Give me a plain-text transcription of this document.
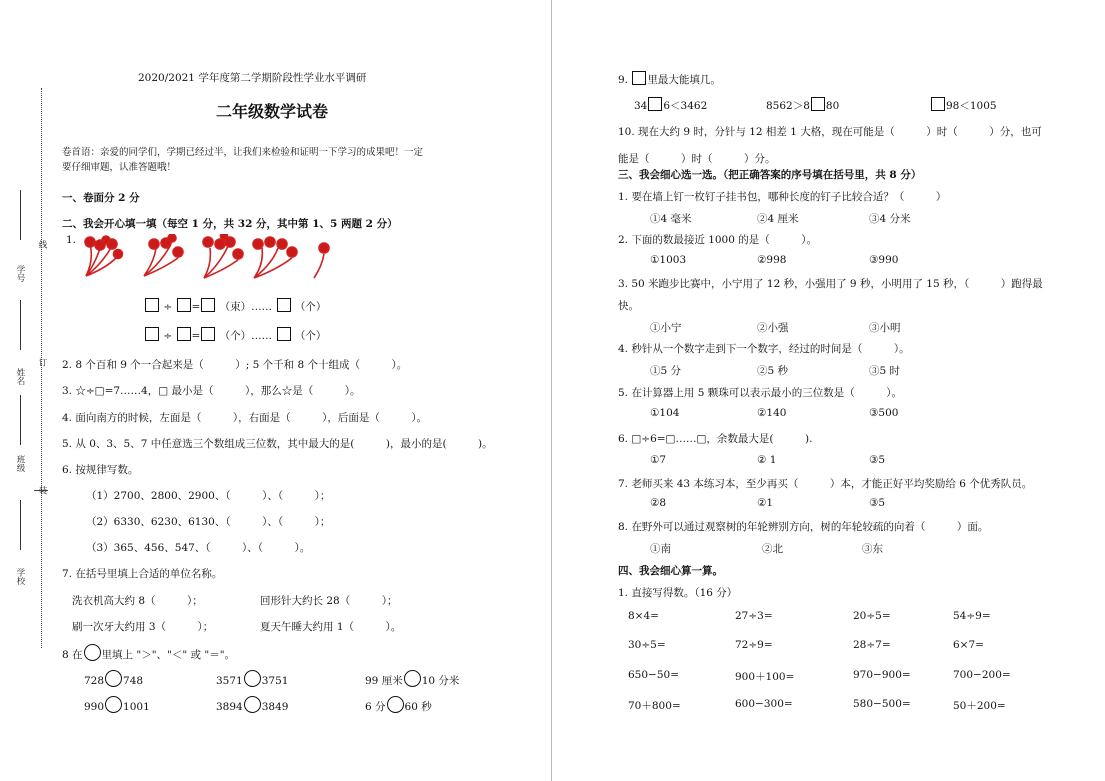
学号
线
姓名
订
班级
装
学校
2020/2021 学年度第二学期阶段性学业水平调研
二年级数学试卷
卷首语：亲爱的同学们，学期已经过半，让我们来检验和证明一下学习的成果吧！一定
要仔细审题，认准答题哦！
一、卷面分 2 分
二、我会开心填一填（每空 1 分，共 32 分，其中第 1、5 两题 2 分）
1.
÷ = （束）…… （个）
÷ = （个）…… （个）
2. 8 个百和 9 个一合起来是（　　　）; 5 个千和 8 个十组成（　　　）。
3. ☆÷□=7……4，□ 最小是（　　　），那么☆是（　　　）。
4. 面向南方的时候，左面是（　　　），右面是（　　　），后面是（　　　）。
5. 从 0、3、5、7 中任意选三个数组成三位数，其中最大的是(　　　)，最小的是(　　　)。
6. 按规律写数。
（1）2700、2800、2900、（　　　）、（　　　）；
（2）6330、6230、6130、（　　　）、（　　　）；
（3）365、456、547、（　　　）、（　　　）。
7. 在括号里填上合适的单位名称。
洗衣机高大约 8（　　　）；	回形针大约长 28（　　　）；
刷一次牙大约用 3（　　　）；	夏天午睡大约用 1（　　　）。
8 在 里填上 "＞"、"＜" 或 "＝"。
728 748	3571 3751	99 厘米 10 分米
990 1001	3894 3849	6 分 60 秒
9. 里最大能填几。
34 6＜3462	8562＞8 80	98＜1005
10. 现在大约 9 时，分针与 12 相差 1 大格，现在可能是（　　　）时（　　　）分，也可
能是（　　　）时（　　　）分。
三、我会细心选一选。（把正确答案的序号填在括号里，共 8 分）
1. 要在墙上钉一枚钉子挂书包，哪种长度的钉子比较合适？（　　　）
①4 毫米	②4 厘米	③4 分米
2. 下面的数最接近 1000 的是（　　　）。
①1003	②998	③990
3. 50 米跑步比赛中，小宁用了 12 秒，小强用了 9 秒，小明用了 15 秒，（　　　）跑得最
快。
①小宁	②小强	③小明
4. 秒针从一个数字走到下一个数字，经过的时间是（　　　）。
①5 分	②5 秒	③5 时
5. 在计算器上用 5 颗珠可以表示最小的三位数是（　　　）。
①104	②140	③500
6. □÷6=□……□，余数最大是(　　　).
①7	② 1	③5
7. 老师买来 43 本练习本，至少再买（　　　）本，才能正好平均奖励给 6 个优秀队员。
②8	②1	③5
8. 在野外可以通过观察树的年轮辨别方向，树的年轮较疏的向着（　　　）面。
①南	②北	③东
四、我会细心算一算。
1. 直接写得数。（16 分）
8×4=	27÷3=	20÷5=	54÷9=
30÷5=	72÷9=	28÷7=	6×7=
650−50=	900＋100=	970−900=	700−200=
70＋800=	600−300=	580−500=	50＋200=
